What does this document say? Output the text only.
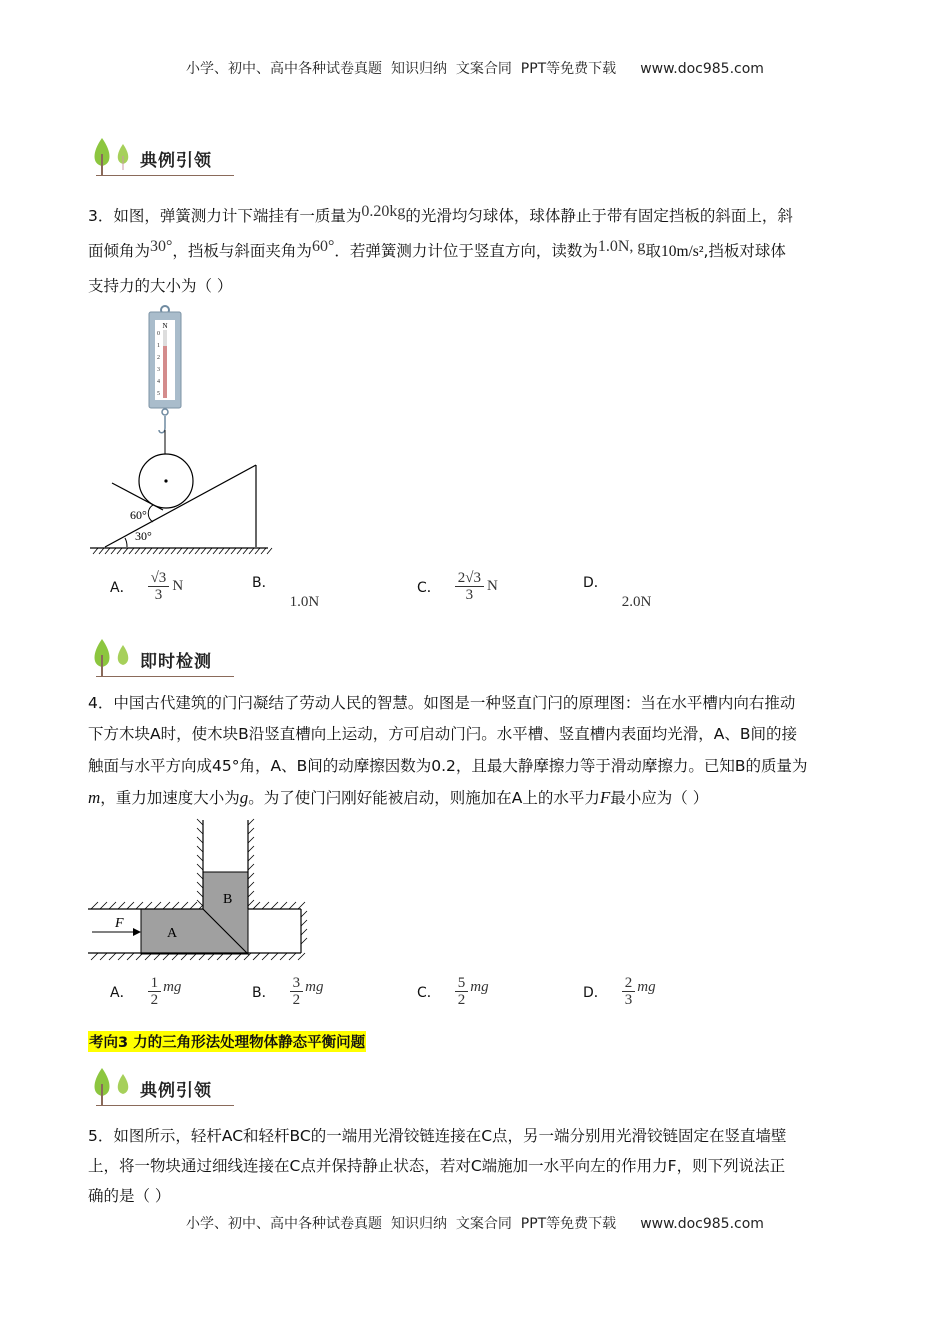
小学、初中、高中各种试卷真题  知识归纳  文案合同  PPT等免费下载 www.doc985.com
典例引领

3．如图，弹簧测力计下端挂有一质量为0.20kg的光滑均匀球体，球体静止于带有固定挡板的斜面上，斜

面倾角为30°，挡板与斜面夹角为60°．若弹簧测力计位于竖直方向，读数为1.0N, g取10m/s²,挡板对球体

支持力的大小为（ ）

N
0
1
2
3
4
5
60°
30°
A． $\frac{√3}{3}$ N	B．
1.0N
C． $\frac{2√3}{3}$ N	D．
2.0N
即时检测

4．中国古代建筑的门闩凝结了劳动人民的智慧。如图是一种竖直门闩的原理图：当在水平槽内向右推动

下方木块A时，使木块B沿竖直槽向上运动，方可启动门闩。水平槽、竖直槽内表面均光滑，A、B间的接

触面与水平方向成45°角，A、B间的动摩擦因数为0.2，且最大静摩擦力等于滑动摩擦力。已知B的质量为

m，重力加速度大小为g。为了使门闩刚好能被启动，则施加在A上的水平力F最小应为（ ）

F
A
B
A． $\frac{1}{2}$ mg	B． $\frac{3}{2}$ mg	C． $\frac{5}{2}$ mg	D． $\frac{2}{3}$ mg
考向3 力的三角形法处理物体静态平衡问题
典例引领

5．如图所示，轻杆AC和轻杆BC的一端用光滑铰链连接在C点，另一端分别用光滑铰链固定在竖直墙壁

上，将一物块通过细线连接在C点并保持静止状态，若对C端施加一水平向左的作用力F，则下列说法正

确的是（ ）

小学、初中、高中各种试卷真题  知识归纳  文案合同  PPT等免费下载 www.doc985.com
